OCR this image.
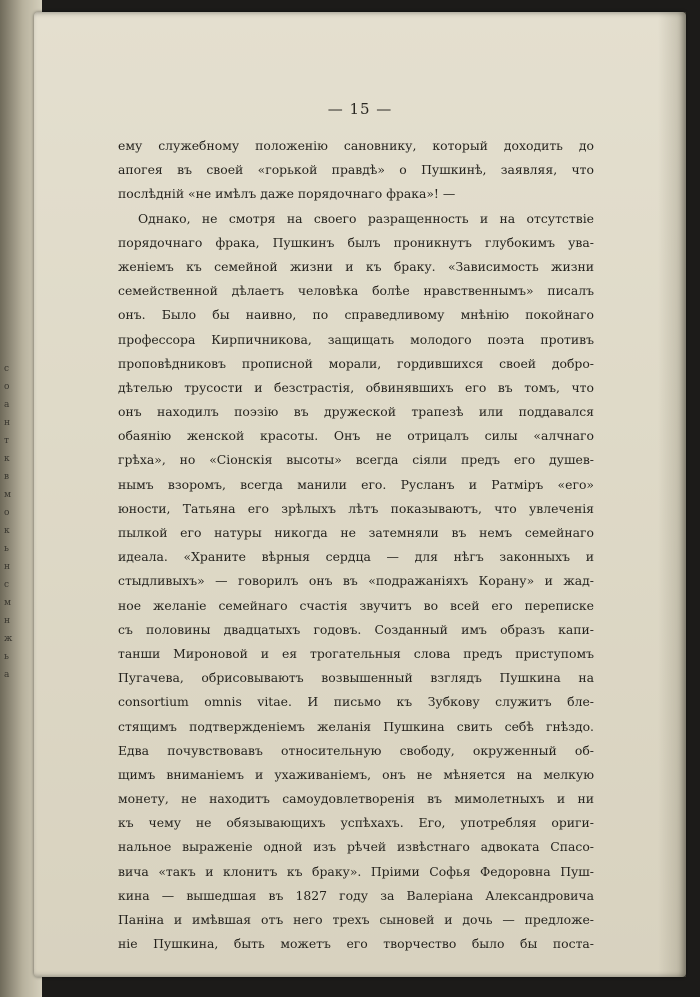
с
о
а
н
т
к
в
м
о
к
ь
н
с
м
н
ж
ь
а
— 15 —
ему служебному положенію сановнику, который доходить до
апогея въ своей «горькой правдѣ» о Пушкинѣ, заявляя, что
послѣдній «не имѣлъ даже порядочнаго фрака»! —
Однако, не смотря на своего разращенность и на отсутствіе
порядочнаго фрака, Пушкинъ былъ проникнутъ глубокимъ ува-
женіемъ къ семейной жизни и къ браку. «Зависимость жизни
семейственной дѣлаетъ человѣка болѣе нравственнымъ» писалъ
онъ. Было бы наивно, по справедливому мнѣнію покойнаго
профессора Кирпичникова, защищать молодого поэта противъ
проповѣдниковъ прописной морали, гордившихся своей добро-
дѣтелью трусости и безстрастія, обвинявшихъ его въ томъ, что
онъ находилъ поэзію въ дружеской трапезѣ или поддавался
обаянію женской красоты. Онъ не отрицалъ силы «алчнаго
грѣха», но «Сіонскія высоты» всегда сіяли предъ его душев-
нымъ взоромъ, всегда манили его. Русланъ и Ратміръ «его»
юности, Татьяна его зрѣлыхъ лѣтъ показываютъ, что увлеченія
пылкой его натуры никогда не затемняли въ немъ семейнаго
идеала. «Храните вѣрныя сердца — для нѣгъ законныхъ и
стыдливыхъ» — говорилъ онъ въ «подражаніяхъ Корану» и жад-
ное желаніе семейнаго счастія звучитъ во всей его переписке
съ половины двадцатыхъ годовъ. Созданный имъ образъ капи-
танши Мироновой и ея трогательныя слова предъ приступомъ
Пугачева, обрисовываютъ возвышенный взглядъ Пушкина на
consortium omnis vitae. И письмо къ Зубкову служитъ бле-
стящимъ подтвержденіемъ желанія Пушкина свить себѣ гнѣздо.
Едва почувствовавъ относительную свободу, окруженный об-
щимъ вниманіемъ и ухаживаніемъ, онъ не мѣняется на мелкую
монету, не находитъ самоудовлетворенія въ мимолетныхъ и ни
къ чему не обязывающихъ успѣхахъ. Его, употребляя ориги-
нальное выраженіе одной изъ рѣчей извѣстнаго адвоката Спасо-
вича «такъ и клонитъ къ браку». Пріими Софья Федоровна Пуш-
кина — вышедшая въ 1827 году за Валеріана Александровича
Паніна и имѣвшая отъ него трехъ сыновей и дочь — предложе-
ніе Пушкина, быть можетъ его творчество было бы поста-
